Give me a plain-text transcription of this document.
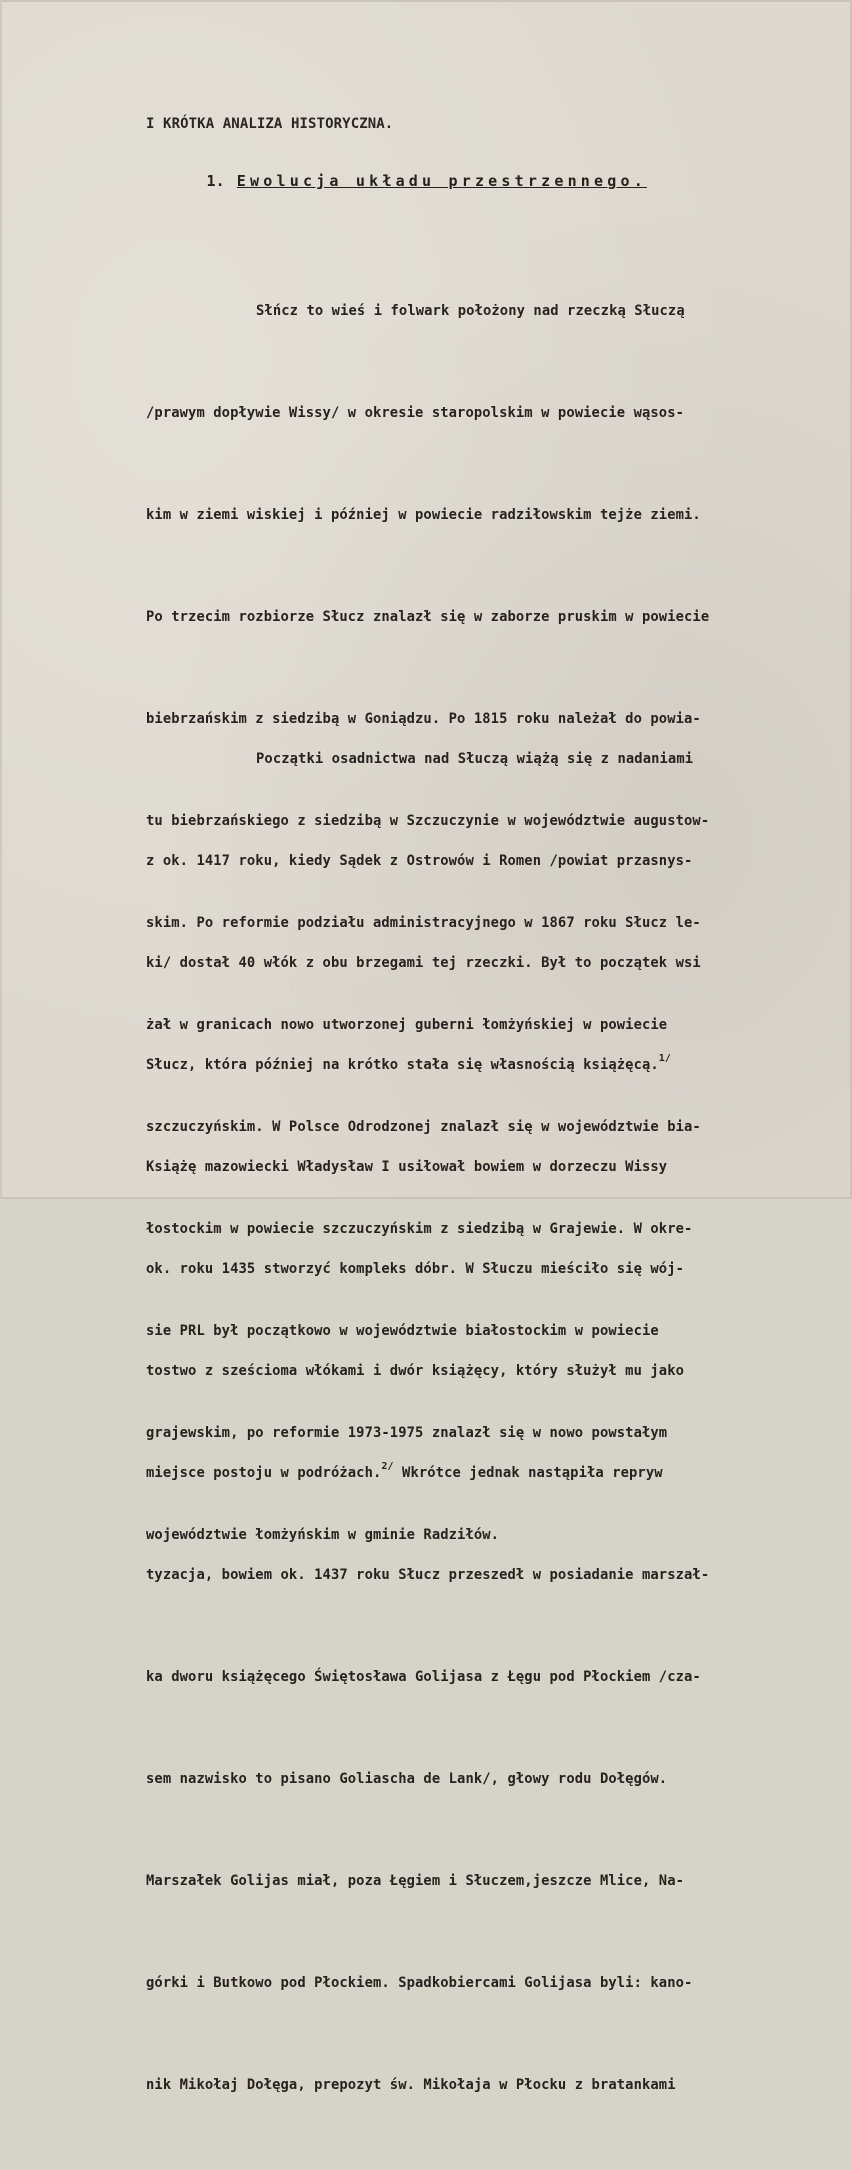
I KRÓTKA ANALIZA HISTORYCZNA.

1. Ewolucja układu przestrzennego.

Słńcz to wieś i folwark położony nad rzeczką Słuczą

/prawym dopływie Wissy/ w okresie staropolskim w powiecie wąsos-

kim w ziemi wiskiej i później w powiecie radziłowskim tejże ziemi.

Po trzecim rozbiorze Słucz znalazł się w zaborze pruskim w powiecie

biebrzańskim z siedzibą w Goniądzu. Po 1815 roku należał do powia-

tu biebrzańskiego z siedzibą w Szczuczynie w województwie augustow-

skim. Po reformie podziału administracyjnego w 1867 roku Słucz le-

żał w granicach nowo utworzonej guberni łomżyńskiej w powiecie

szczuczyńskim. W Polsce Odrodzonej znalazł się w województwie bia-

łostockim w powiecie szczuczyńskim z siedzibą w Grajewie. W okre-

sie PRL był początkowo w województwie białostockim w powiecie

grajewskim, po reformie 1973-1975 znalazł się w nowo powstałym

województwie łomżyńskim w gminie Radziłów.

Początki osadnictwa nad Słuczą wiążą się z nadaniami

z ok. 1417 roku, kiedy Sądek z Ostrowów i Romen /powiat przasnys-

ki/ dostał 40 włók z obu brzegami tej rzeczki. Był to początek wsi

Słucz, która później na krótko stała się własnością książęcą.$^{1/}$

Książę mazowiecki Władysław I usiłował bowiem w dorzeczu Wissy

ok. roku 1435 stworzyć kompleks dóbr. W Słuczu mieściło się wój-

tostwo z sześcioma włókami i dwór książęcy, który służył mu jako

miejsce postoju w podróżach.$^{2/}$ Wkrótce jednak nastąpiła repryw

tyzacja, bowiem ok. 1437 roku Słucz przeszedł w posiadanie marszał-

ka dworu książęcego Świętosława Golijasa z Łęgu pod Płockiem /cza-

sem nazwisko to pisano Goliascha de Lank/, głowy rodu Dołęgów.

Marszałek Golijas miał, poza Łęgiem i Słuczem,jeszcze Mlice, Na-

górki i Butkowo pod Płockiem. Spadkobiercami Golijasa byli: kano-

nik Mikołaj Dołęga, prepozyt św. Mikołaja w Płocku z bratankami
